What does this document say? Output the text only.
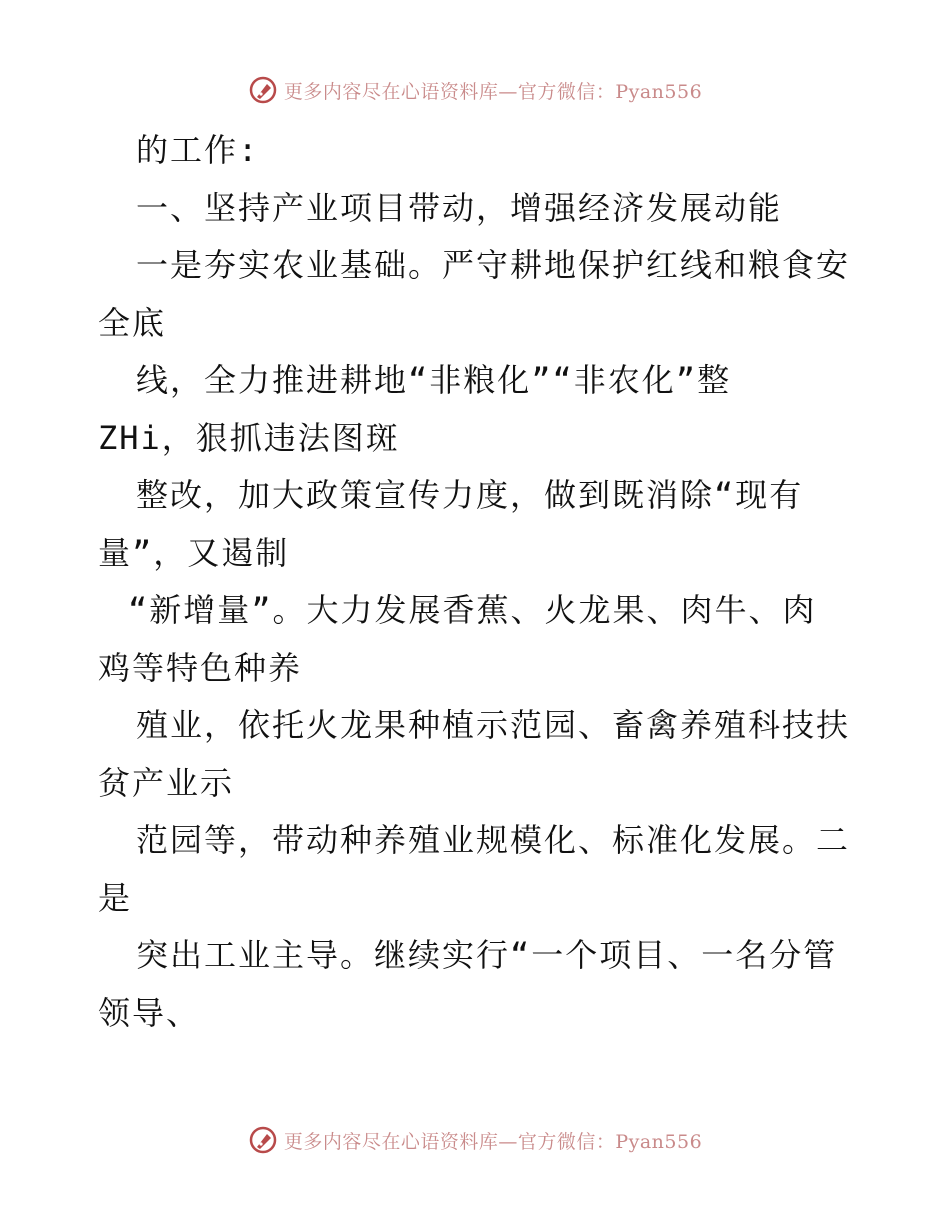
更多内容尽在心语资料库—官方微信：Pyan556
的工作:
一、坚持产业项目带动，增强经济发展动能
一是夯实农业基础。严守耕地保护红线和粮食安
全底
线，全力推进耕地“非粮化”“非农化”整
ZHi，狠抓违法图斑
整改，加大政策宣传力度，做到既消除“现有
量”，又遏制
“新增量”。大力发展香蕉、火龙果、肉牛、肉
鸡等特色种养
殖业，依托火龙果种植示范园、畜禽养殖科技扶
贫产业示
范园等，带动种养殖业规模化、标准化发展。二
是
突出工业主导。继续实行“一个项目、一名分管
领导、
更多内容尽在心语资料库—官方微信：Pyan556
